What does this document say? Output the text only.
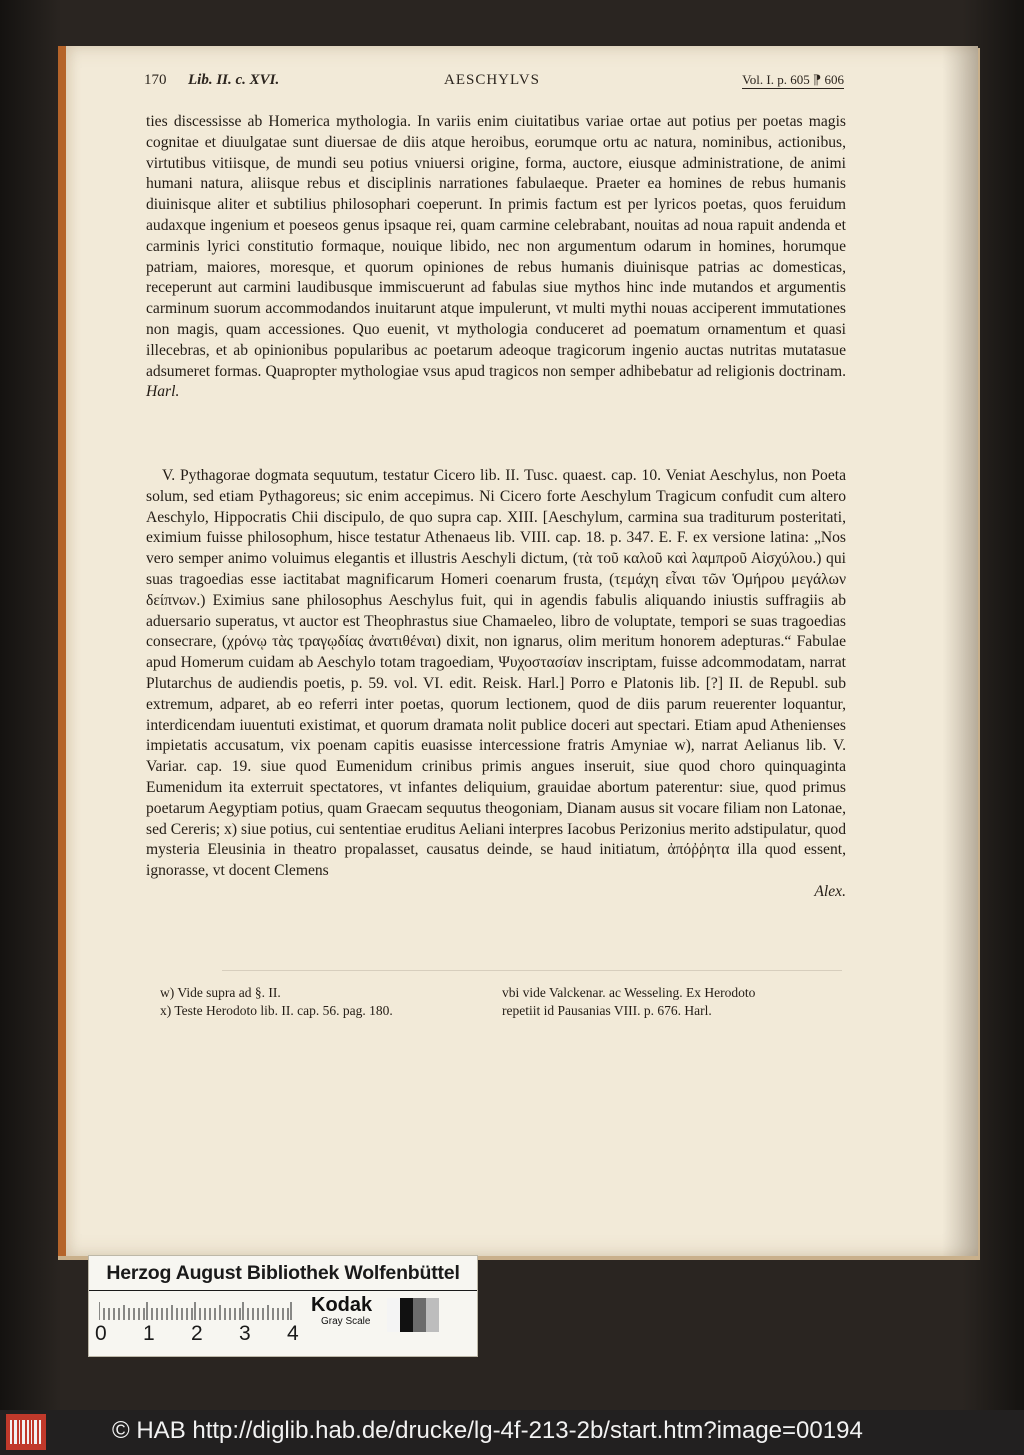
170 Lib. II. c. XVI.	AESCHYLVS	Vol. I. p. 605 ⁋ 606

ties discessisse ab Homerica mythologia. In variis enim ciuitatibus variae ortae aut potius per poetas magis cognitae et diuulgatae sunt diuersae de diis atque heroibus, eorumque ortu ac natura, nominibus, actionibus, virtutibus vitiisque, de mundi seu potius vniuersi origine, forma, auctore, eiusque administratione, de animi humani natura, aliisque rebus et disciplinis narrationes fabulaeque. Praeter ea homines de rebus humanis diuinisque aliter et subtilius philosophari coeperunt. In primis factum est per lyricos poetas, quos feruidum audaxque ingenium et poeseos genus ipsaque rei, quam carmine celebrabant, nouitas ad noua rapuit andenda et carminis lyrici constitutio formaque, nouique libido, nec non argumentum odarum in homines, horumque patriam, maiores, moresque, et quorum opiniones de rebus humanis diuinisque patrias ac domesticas, receperunt aut carmini laudibusque immiscuerunt ad fabulas siue mythos hinc inde mutandos et argumentis carminum suorum accommodandos inuitarunt atque impulerunt, vt multi mythi nouas acciperent immutationes non magis, quam accessiones. Quo euenit, vt mythologia conduceret ad poematum ornamentum et quasi illecebras, et ab opinionibus popularibus ac poetarum adeoque tragicorum ingenio auctas nutritas mutatasue adsumeret formas. Quapropter mythologiae vsus apud tragicos non semper adhibebatur ad religionis doctrinam. Harl.

V. Pythagorae dogmata sequutum, testatur Cicero lib. II. Tusc. quaest. cap. 10. Veniat Aeschylus, non Poeta solum, sed etiam Pythagoreus; sic enim accepimus. Ni Cicero forte Aeschylum Tragicum confudit cum altero Aeschylo, Hippocratis Chii discipulo, de quo supra cap. XIII. [Aeschylum, carmina sua traditurum posteritati, eximium fuisse philosophum, hisce testatur Athenaeus lib. VIII. cap. 18. p. 347. E. F. ex versione latina: „Nos vero semper animo voluimus elegantis et illustris Aeschyli dictum, (τὰ τοῦ καλοῦ καὶ λαμπροῦ Αἰσχύλου.) qui suas tragoedias esse iactitabat magnificarum Homeri coenarum frusta, (τεμάχη εἶναι τῶν Ὁμήρου μεγάλων δείπνων.) Eximius sane philosophus Aeschylus fuit, qui in agendis fabulis aliquando iniustis suffragiis ab aduersario superatus, vt auctor est Theophrastus siue Chamaeleo, libro de voluptate, tempori se suas tragoedias consecrare, (χρόνῳ τὰς τραγῳδίας ἀνατιθέναι) dixit, non ignarus, olim meritum honorem adepturas.“ Fabulae apud Homerum cuidam ab Aeschylo totam tragoediam, Ψυχοστασίαν inscriptam, fuisse adcommodatam, narrat Plutarchus de audiendis poetis, p. 59. vol. VI. edit. Reisk. Harl.] Porro e Platonis lib. [?] II. de Republ. sub extremum, adparet, ab eo referri inter poetas, quorum lectionem, quod de diis parum reuerenter loquantur, interdicendam iuuentuti existimat, et quorum dramata nolit publice doceri aut spectari. Etiam apud Athenienses impietatis accusatum, vix poenam capitis euasisse intercessione fratris Amyniae w), narrat Aelianus lib. V. Variar. cap. 19. siue quod Eumenidum crinibus primis angues inseruit, siue quod choro quinquaginta Eumenidum ita exterruit spectatores, vt infantes deliquium, grauidae abortum paterentur: siue, quod primus poetarum Aegyptiam potius, quam Graecam sequutus theogoniam, Dianam ausus sit vocare filiam non Latonae, sed Cereris; x) siue potius, cui sententiae eruditus Aeliani interpres Iacobus Perizonius merito adstipulatur, quod mysteria Eleusinia in theatro propalasset, causatus deinde, se haud initiatum, ἀπόῤῥητα illa quod essent, ignorasse, vt docent Clemens

Alex.

w) Vide supra ad §. II.
x) Teste Herodoto lib. II. cap. 56. pag. 180.
vbi vide Valckenar. ac Wesseling. Ex Herodoto
repetiit id Pausanias VIII. p. 676. Harl.
Herzog August Bibliothek Wolfenbüttel
0 1 2 3 4
Kodak
Gray Scale
© HAB http://diglib.hab.de/drucke/lg-4f-213-2b/start.htm?image=00194
